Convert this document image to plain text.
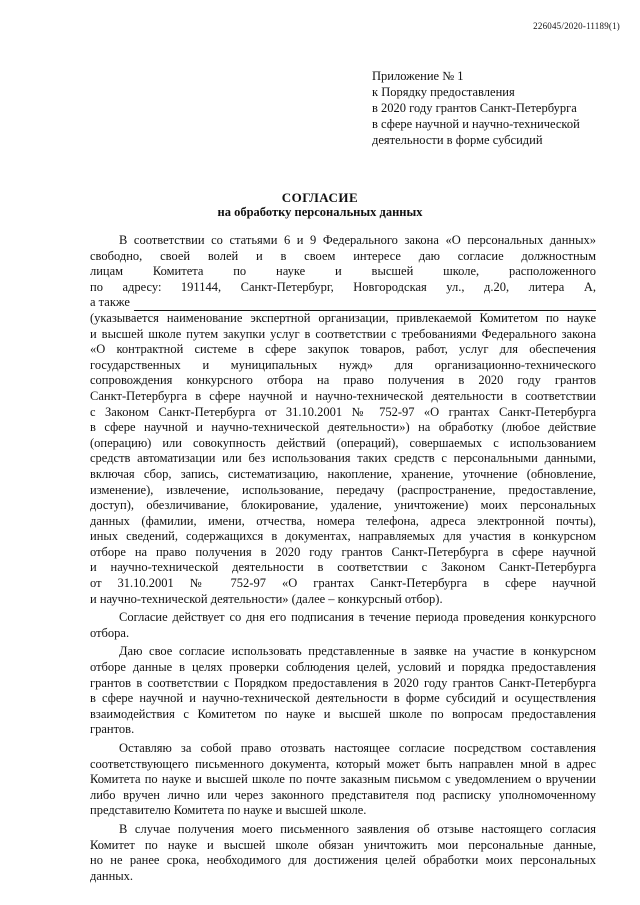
226045/2020-11189(1)
Приложение № 1
к Порядку предоставления
в 2020 году грантов Санкт-Петербурга
в сфере научной и научно-технической
деятельности в форме субсидий
СОГЛАСИЕ
на обработку персональных данных
В соответствии со статьями 6 и 9 Федерального закона «О персональных данных»
свободно, своей волей и в своем интересе даю согласие должностным
лицам Комитета по науке и высшей школе, расположенного
по адресу: 191144, Санкт-Петербург, Новгородская ул., д.20, литера А,
а также
(указывается наименование экспертной организации, привлекаемой Комитетом по науке
и высшей школе путем закупки услуг в соответствии с требованиями Федерального закона
«О контрактной системе в сфере закупок товаров, работ, услуг для обеспечения
государственных и муниципальных нужд» для организационно-технического
сопровождения конкурсного отбора на право получения в 2020 году грантов
Санкт-Петербурга в сфере научной и научно-технической деятельности в соответствии
с Законом Санкт-Петербурга от 31.10.2001 № 752-97 «О грантах Санкт-Петербурга
в сфере научной и научно-технической деятельности») на обработку (любое действие
(операцию) или совокупность действий (операций), совершаемых с использованием
средств автоматизации или без использования таких средств с персональными данными,
включая сбор, запись, систематизацию, накопление, хранение, уточнение (обновление,
изменение), извлечение, использование, передачу (распространение, предоставление,
доступ), обезличивание, блокирование, удаление, уничтожение) моих персональных
данных (фамилии, имени, отчества, номера телефона, адреса электронной почты),
иных сведений, содержащихся в документах, направляемых для участия в конкурсном
отборе на право получения в 2020 году грантов Санкт-Петербурга в сфере научной
и научно-технической деятельности в соответствии с Законом Санкт-Петербурга
от 31.10.2001 № 752-97 «О грантах Санкт-Петербурга в сфере научной
и научно-технической деятельности» (далее – конкурсный отбор).
Согласие действует со дня его подписания в течение периода проведения конкурсного
отбора.
Даю свое согласие использовать представленные в заявке на участие в конкурсном
отборе данные в целях проверки соблюдения целей, условий и порядка предоставления
грантов в соответствии с Порядком предоставления в 2020 году грантов Санкт-Петербурга
в сфере научной и научно-технической деятельности в форме субсидий и осуществления
взаимодействия с Комитетом по науке и высшей школе по вопросам предоставления
грантов.
Оставляю за собой право отозвать настоящее согласие посредством составления
соответствующего письменного документа, который может быть направлен мной в адрес
Комитета по науке и высшей школе по почте заказным письмом с уведомлением о вручении
либо вручен лично или через законного представителя под расписку уполномоченному
представителю Комитета по науке и высшей школе.
В случае получения моего письменного заявления об отзыве настоящего согласия
Комитет по науке и высшей школе обязан уничтожить мои персональные данные,
но не ранее срока, необходимого для достижения целей обработки моих персональных
данных.
